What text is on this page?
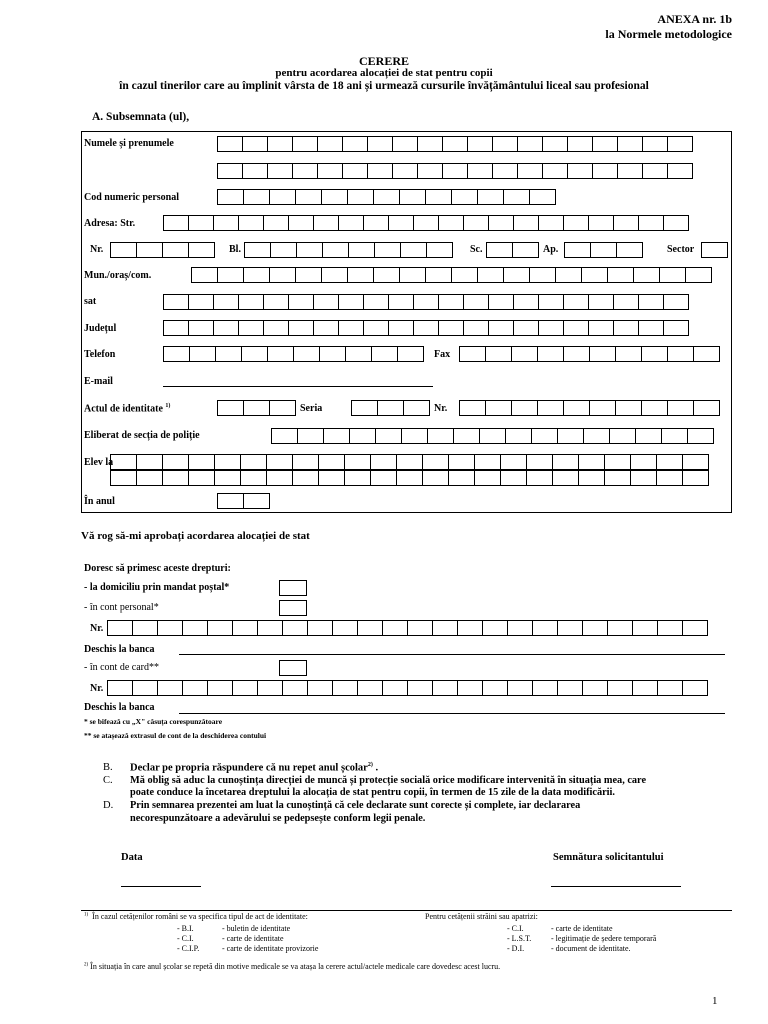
ANEXA nr. 1b
la Normele metodologice
CERERE
pentru acordarea alocației de stat pentru copii
în cazul tinerilor care au împlinit vârsta de 18 ani și urmează cursurile învățământului liceal sau profesional
A. Subsemnata (ul),
Numele și prenumele
Cod numeric personal
Adresa: Str.
Nr.	Bl.	Sc.	Ap.	Sector
Mun./oraș/com.
sat
Județul
Telefon	Fax
E-mail
Actul de identitate $^{1)}$	Seria	Nr.
Eliberat de secția de poliție
Elev la
În anul
Vă rog să-mi aprobați acordarea alocației de stat
Doresc să primesc aceste drepturi:
- la domiciliu prin mandat poștal*
- în cont personal*
Nr.
Deschis la banca
- în cont de card**
Nr.
Deschis la banca
* se bifează cu „X" căsuța corespunzătoare
** se atașează extrasul de cont de la deschiderea contului
B. Declar pe propria răspundere că nu repet anul școlar$^{2)}$ .
C. Mă oblig să aduc la cunoștința direcției de muncă și protecție socială orice modificare intervenită în situația mea, care
poate conduce la încetarea dreptului la alocația de stat pentru copii, în termen de 15 zile de la data modificării.
D. Prin semnarea prezentei am luat la cunoștință că cele declarate sunt corecte și complete, iar declararea
necorespunzătoare a adevărului se pedepsește conform legii penale.
Data	Semnătura solicitantului
$^{1)}$ În cazul cetățenilor români se va specifica tipul de act de identitate:	Pentru cetățenii străini sau apatrizi:
- B.I.	- buletin de identitate
- C.I.	- carte de identitate
- C.I.P.	- carte de identitate provizorie
- C.I.	- carte de identitate
- L.S.T. - legitimație de ședere temporară
- D.I.	- document de identitate.
$^{2)}$ În situația în care anul școlar se repetă din motive medicale se va atașa la cerere actul/actele medicale care dovedesc acest lucru.
1
